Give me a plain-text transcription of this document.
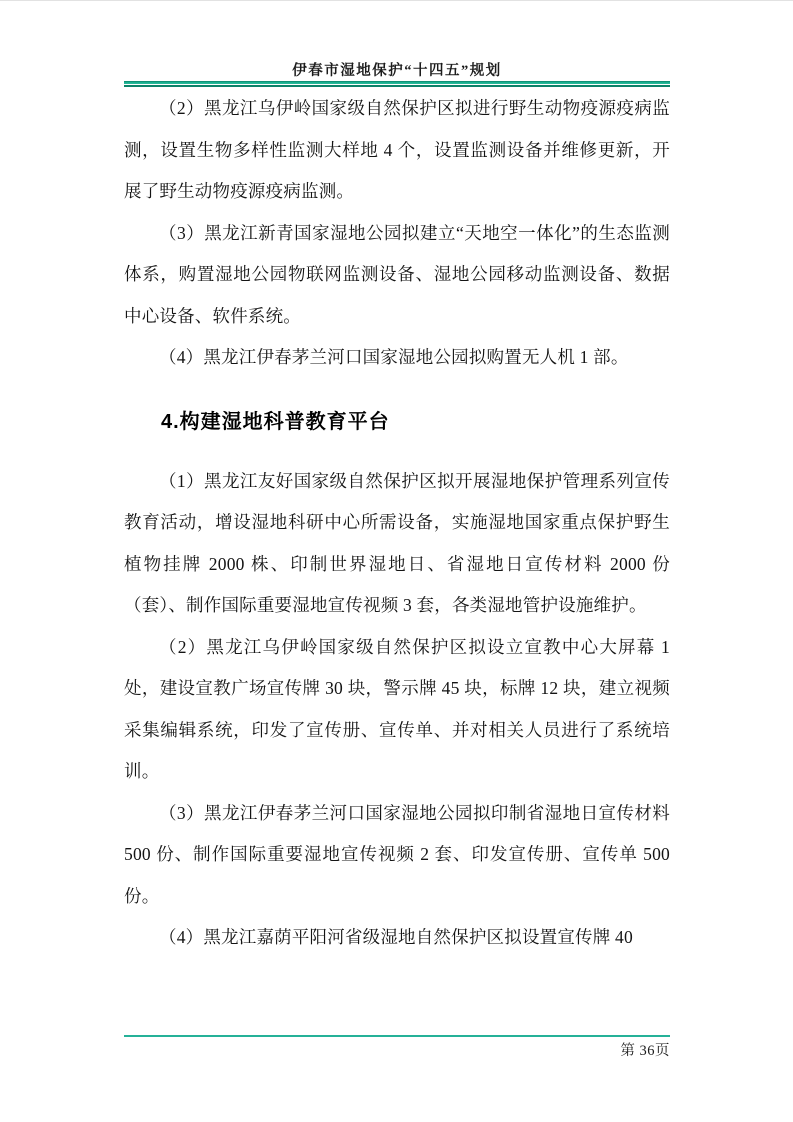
伊春市湿地保护“十四五”规划

（2）黑龙江乌伊岭国家级自然保护区拟进行野生动物疫源疫病监测，设置生物多样性监测大样地 4 个，设置监测设备并维修更新，开展了野生动物疫源疫病监测。

（3）黑龙江新青国家湿地公园拟建立“天地空一体化”的生态监测体系，购置湿地公园物联网监测设备、湿地公园移动监测设备、数据中心设备、软件系统。

（4）黑龙江伊春茅兰河口国家湿地公园拟购置无人机 1 部。

4.构建湿地科普教育平台

（1）黑龙江友好国家级自然保护区拟开展湿地保护管理系列宣传教育活动，增设湿地科研中心所需设备，实施湿地国家重点保护野生植物挂牌 2000 株、印制世界湿地日、省湿地日宣传材料 2000 份（套）、制作国际重要湿地宣传视频 3 套，各类湿地管护设施维护。

（2）黑龙江乌伊岭国家级自然保护区拟设立宣教中心大屏幕 1 处，建设宣教广场宣传牌 30 块，警示牌 45 块，标牌 12 块，建立视频采集编辑系统，印发了宣传册、宣传单、并对相关人员进行了系统培训。

（3）黑龙江伊春茅兰河口国家湿地公园拟印制省湿地日宣传材料 500 份、制作国际重要湿地宣传视频 2 套、印发宣传册、宣传单 500 份。

（4）黑龙江嘉荫平阳河省级湿地自然保护区拟设置宣传牌 40

第 36页
